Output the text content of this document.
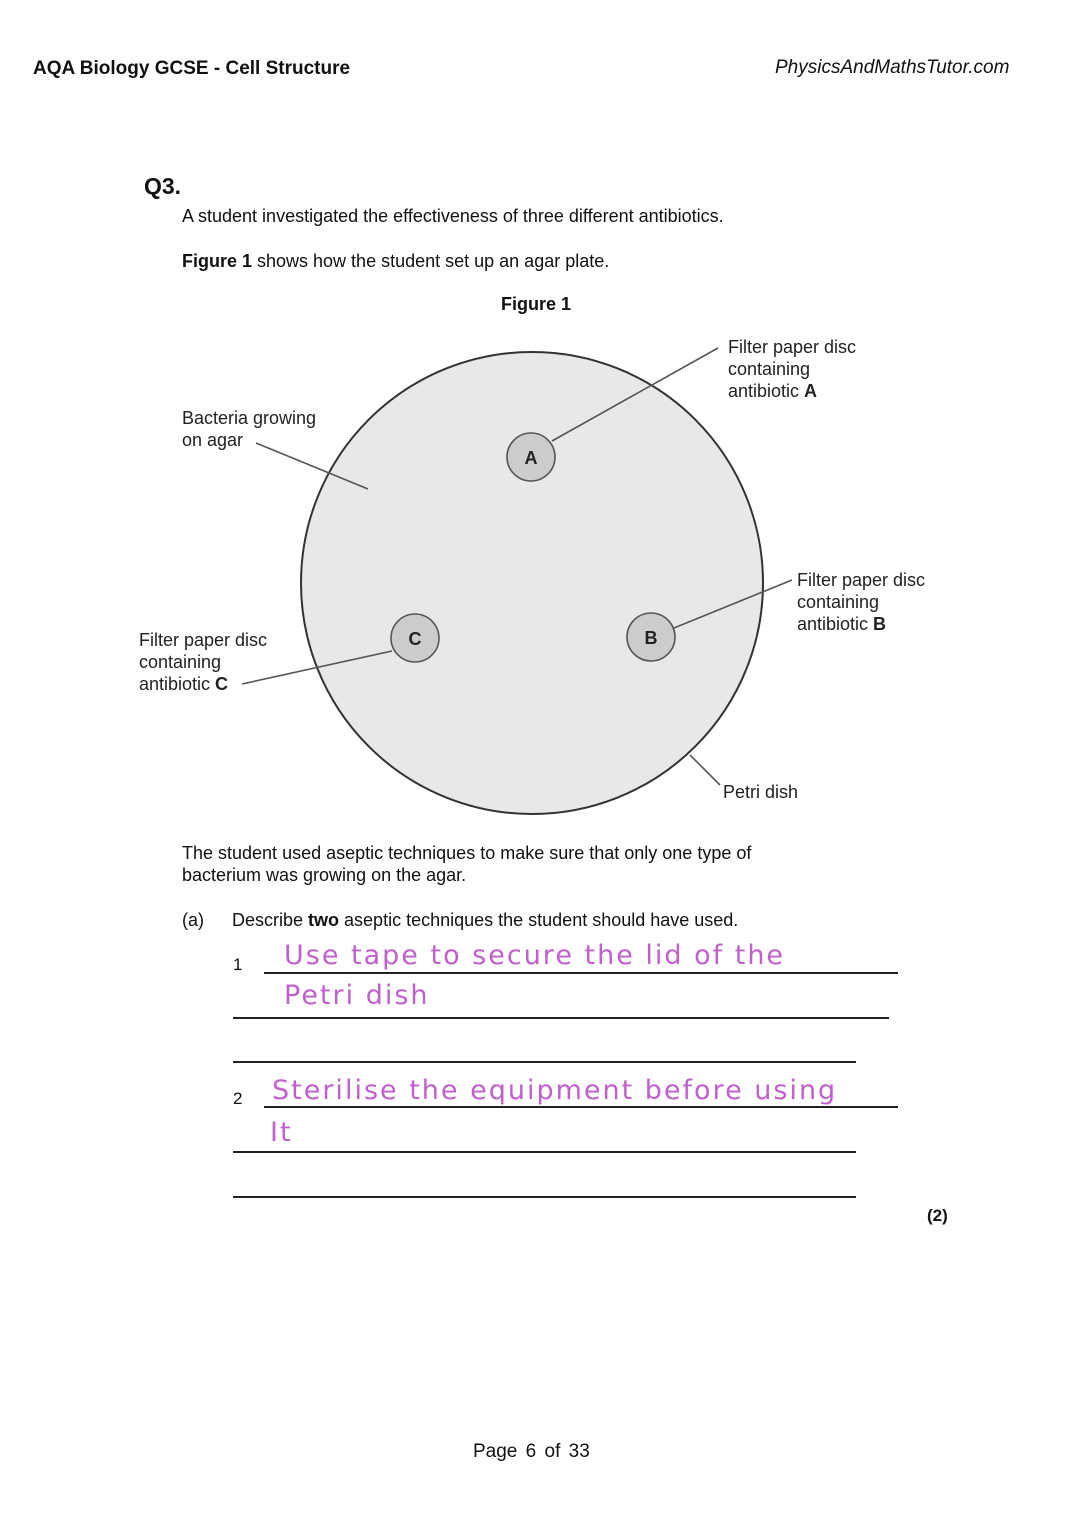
AQA Biology GCSE - Cell Structure	PhysicsAndMathsTutor.com
Q3.
A student investigated the effectiveness of three different antibiotics.
Figure 1 shows how the student set up an agar plate.
Figure 1
A
B
C
Bacteria growing
on agar
Filter paper disc
containing
antibiotic A
Filter paper disc
containing
antibiotic B
Filter paper disc
containing
antibiotic C
Petri dish
The student used aseptic techniques to make sure that only one type of
bacterium was growing on the agar.
(a) Describe two aseptic techniques the student should have used.
1 Use tape to secure the lid of the
Petri dish
2 Sterilise the equipment before using
It
(2)
Page 6 of 33
